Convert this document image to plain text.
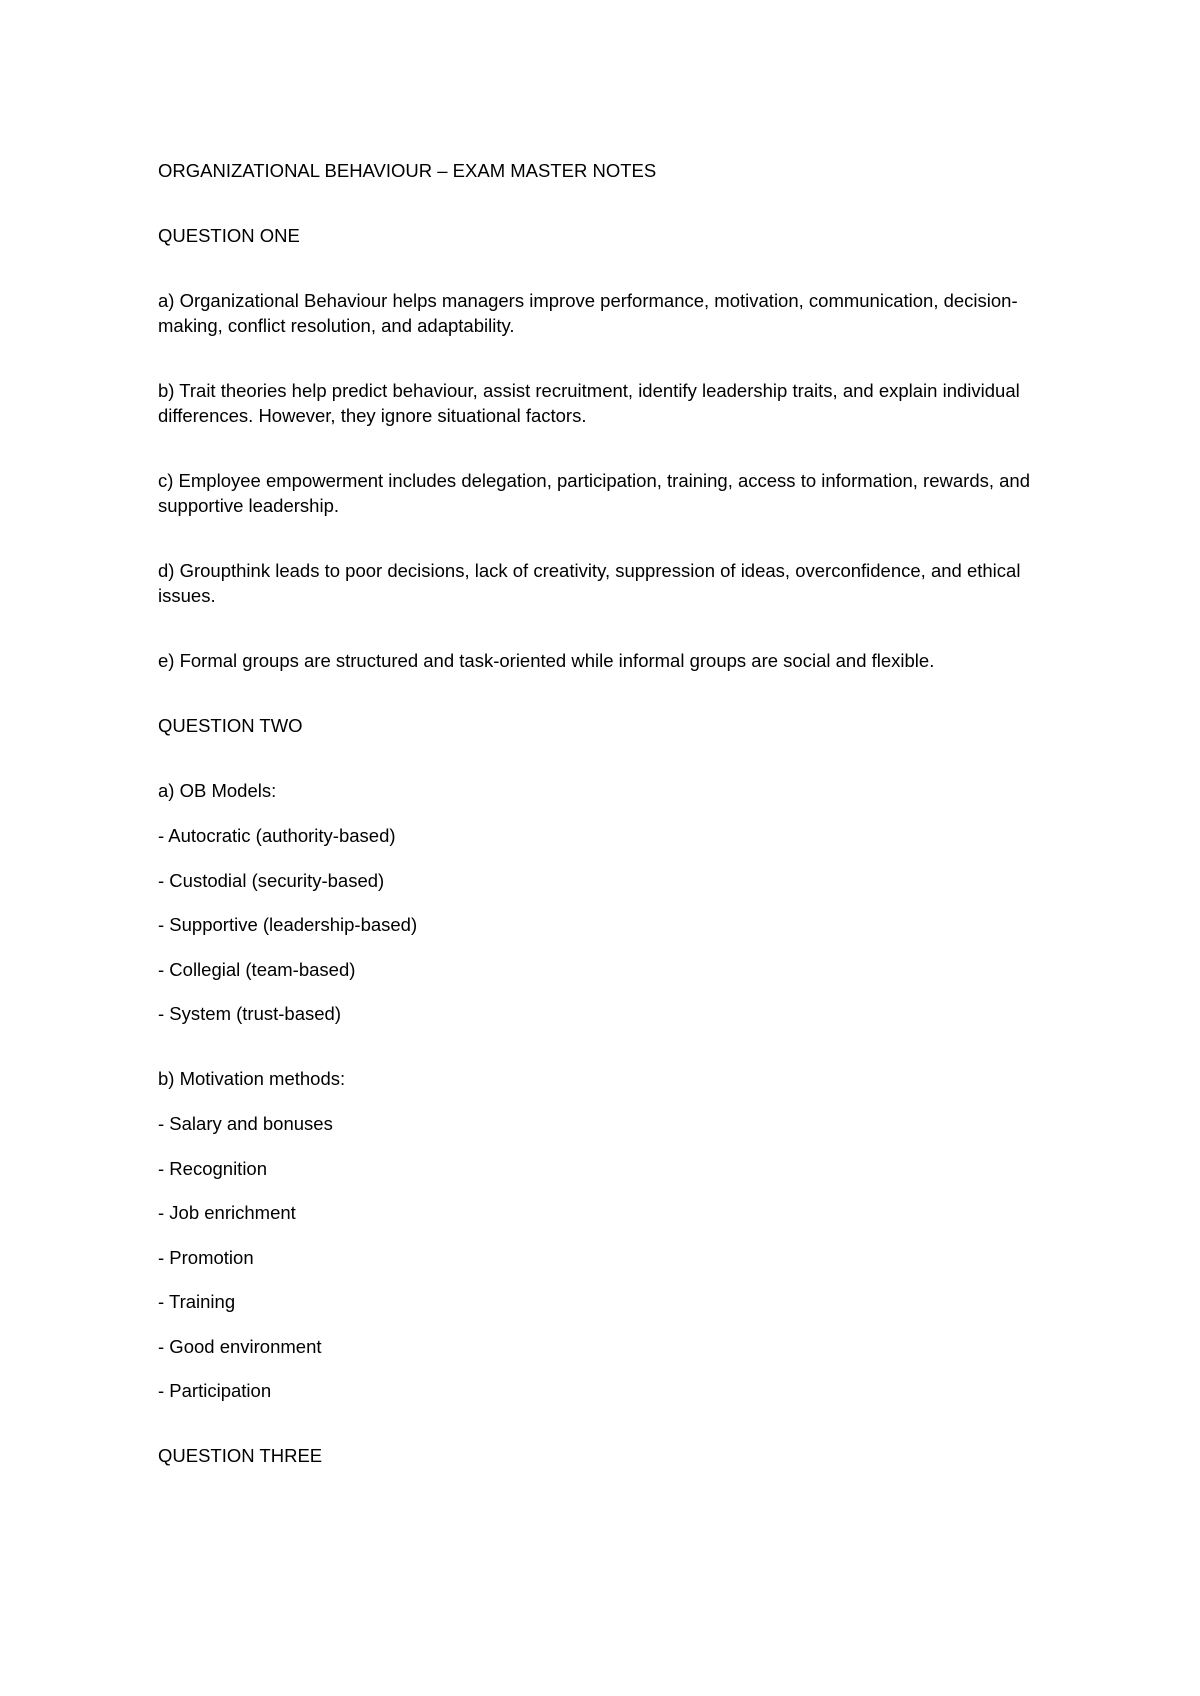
ORGANIZATIONAL BEHAVIOUR – EXAM MASTER NOTES

QUESTION ONE

a) Organizational Behaviour helps managers improve performance, motivation, communication, decision-making, conflict resolution, and adaptability.

b) Trait theories help predict behaviour, assist recruitment, identify leadership traits, and explain individual differences. However, they ignore situational factors.

c) Employee empowerment includes delegation, participation, training, access to information, rewards, and supportive leadership.

d) Groupthink leads to poor decisions, lack of creativity, suppression of ideas, overconfidence, and ethical issues.

e) Formal groups are structured and task-oriented while informal groups are social and flexible.

QUESTION TWO

a) OB Models:

- Autocratic (authority-based)

- Custodial (security-based)

- Supportive (leadership-based)

- Collegial (team-based)

- System (trust-based)

b) Motivation methods:

- Salary and bonuses

- Recognition

- Job enrichment

- Promotion

- Training

- Good environment

- Participation

QUESTION THREE
